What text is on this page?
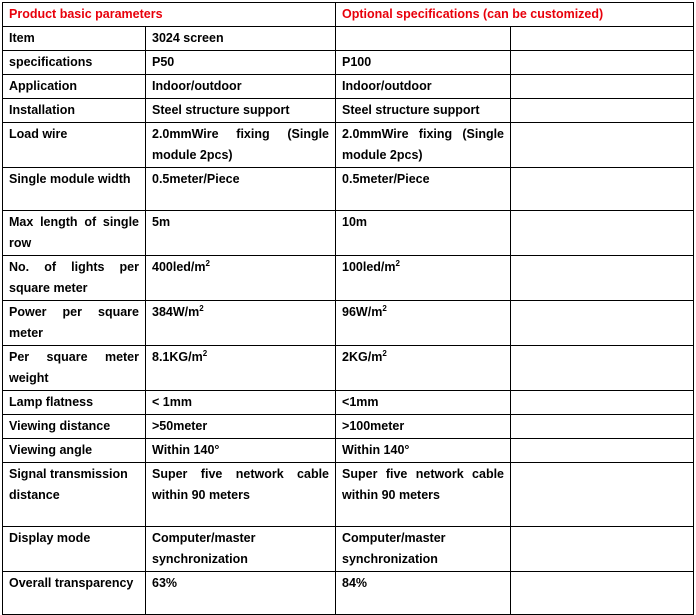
Product basic parameters		Optional specifications (can be customized)	
Item	3024 screen		
specifications	P50	P100	
Application	Indoor/outdoor	Indoor/outdoor	
Installation	Steel structure support	Steel structure support	
Load wire	2.0mmWire fixing (Single module 2pcs)	2.0mmWire fixing (Single module 2pcs)	
Single module width	0.5meter/Piece	0.5meter/Piece	
Max length of single row	5m	10m	
No. of lights per square meter	$400led/m^2$	$100led/m^2$	
Power per square meter	$384W/m^2$	$96W/m^2$	
Per square meter weight	$8.1KG/m^2$	$2KG/m^2$	
Lamp flatness	< 1mm	<1mm	
Viewing distance	>50meter	>100meter	
Viewing angle	Within 140°	Within 140°	
Signal transmission distance	Super five network cable within 90 meters	Super five network cable within 90 meters	
Display mode	Computer/master synchronization	Computer/master synchronization	
Overall transparency	63%	84%	
